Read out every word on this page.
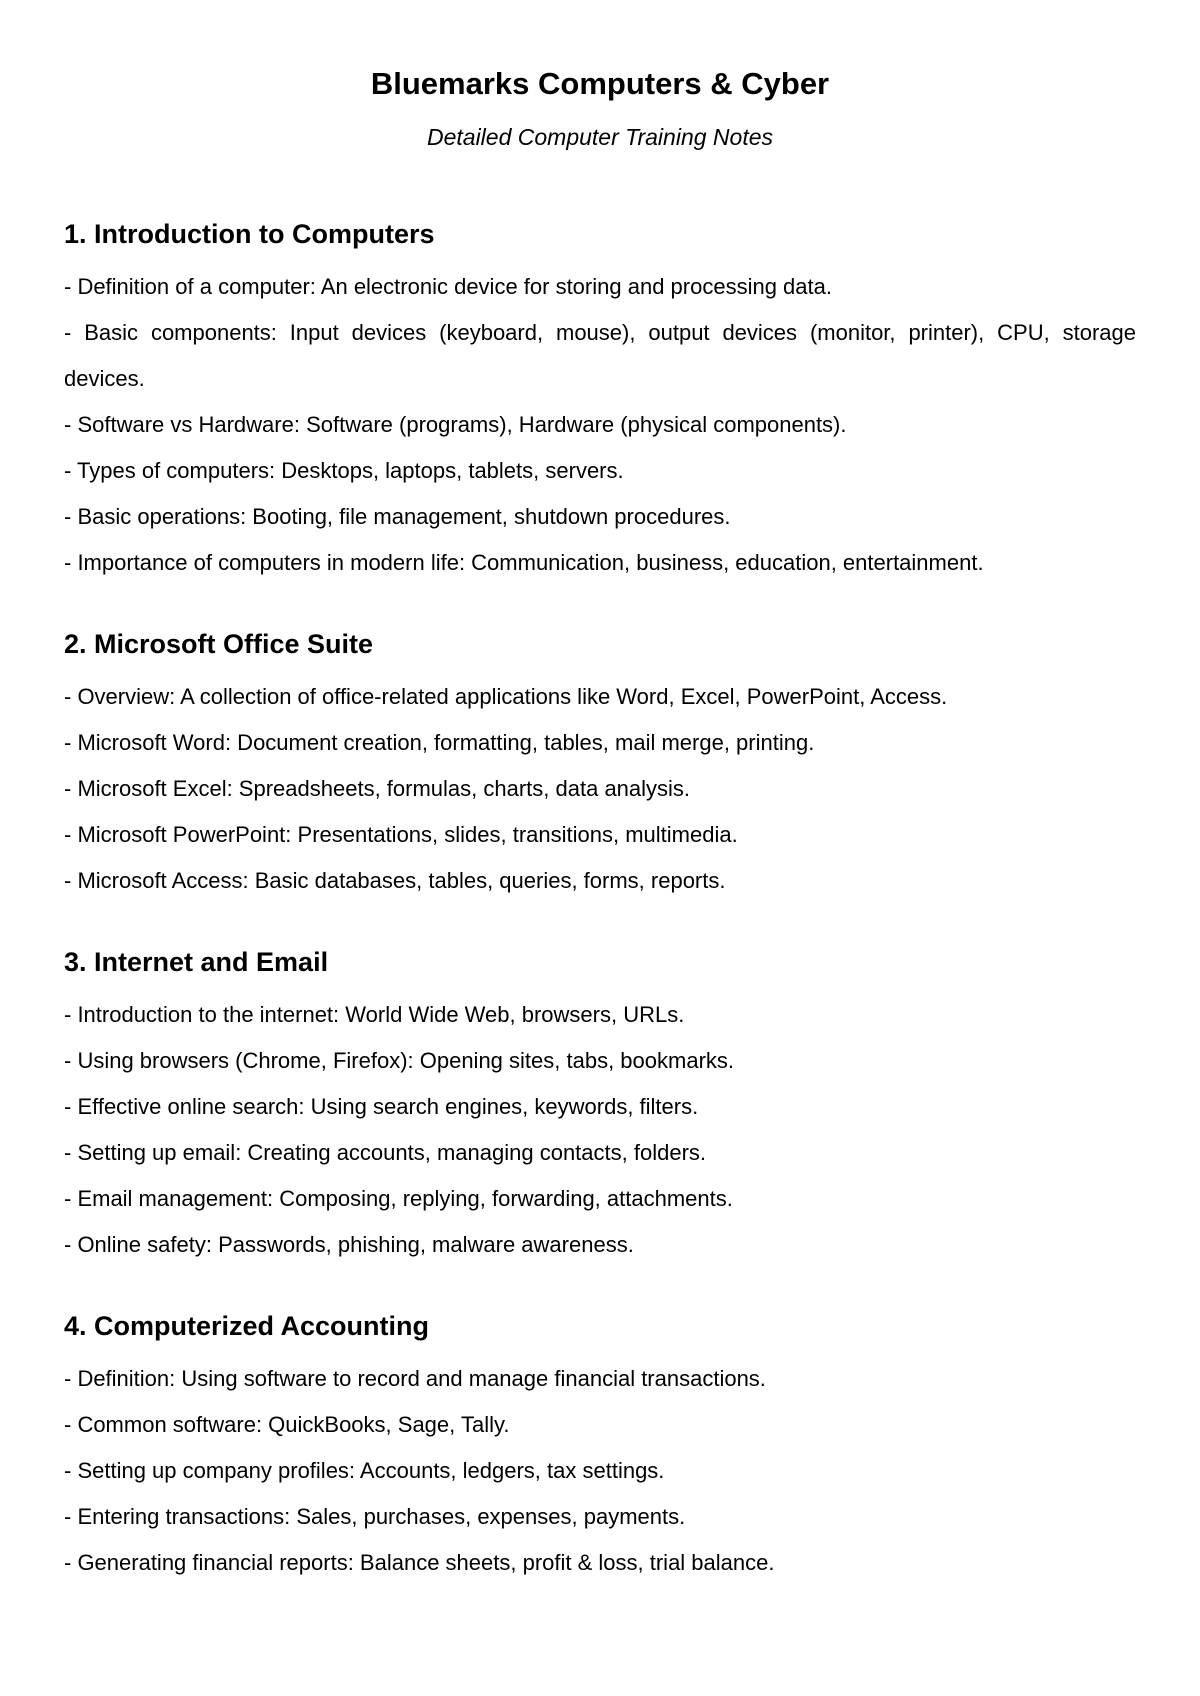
Bluemarks Computers & Cyber

Detailed Computer Training Notes

1. Introduction to Computers
- Definition of a computer: An electronic device for storing and processing data.
- Basic components: Input devices (keyboard, mouse), output devices (monitor, printer), CPU, storage devices.
- Software vs Hardware: Software (programs), Hardware (physical components).
- Types of computers: Desktops, laptops, tablets, servers.
- Basic operations: Booting, file management, shutdown procedures.
- Importance of computers in modern life: Communication, business, education, entertainment.
2. Microsoft Office Suite
- Overview: A collection of office-related applications like Word, Excel, PowerPoint, Access.
- Microsoft Word: Document creation, formatting, tables, mail merge, printing.
- Microsoft Excel: Spreadsheets, formulas, charts, data analysis.
- Microsoft PowerPoint: Presentations, slides, transitions, multimedia.
- Microsoft Access: Basic databases, tables, queries, forms, reports.
3. Internet and Email
- Introduction to the internet: World Wide Web, browsers, URLs.
- Using browsers (Chrome, Firefox): Opening sites, tabs, bookmarks.
- Effective online search: Using search engines, keywords, filters.
- Setting up email: Creating accounts, managing contacts, folders.
- Email management: Composing, replying, forwarding, attachments.
- Online safety: Passwords, phishing, malware awareness.
4. Computerized Accounting
- Definition: Using software to record and manage financial transactions.
- Common software: QuickBooks, Sage, Tally.
- Setting up company profiles: Accounts, ledgers, tax settings.
- Entering transactions: Sales, purchases, expenses, payments.
- Generating financial reports: Balance sheets, profit & loss, trial balance.
